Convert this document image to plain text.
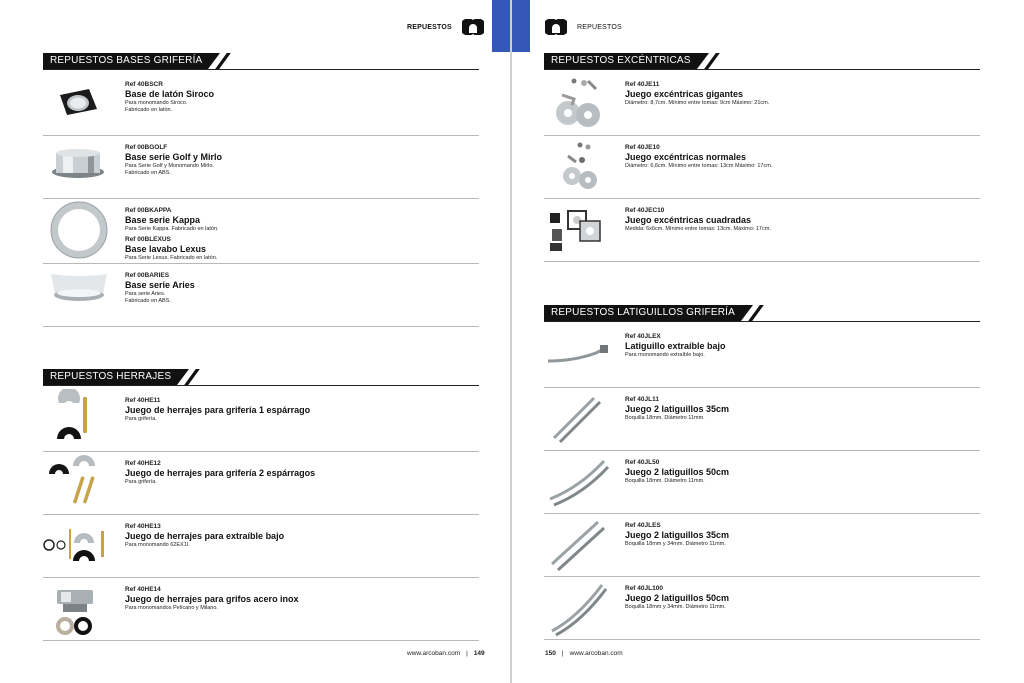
REPUESTOS
REPUESTOS BASES GRIFERÍA
Ref 40BSCR
Base de latón Siroco
Para monomando Siroco.
Fabricado en latón.
Ref 00BGOLF
Base serie Golf y Mirlo
Para Serie Golf y Monomando Mirlo.
Fabricado en ABS.
Ref 00BKAPPA
Base serie Kappa
Para Serie Kappa. Fabricado en latón.
Ref 00BLEXUS
Base lavabo Lexus
Para Serie Lexus. Fabricado en latón.
Ref 00BARIES
Base serie Aries
Para serie Aries.
Fabricado en ABS.
REPUESTOS HERRAJES
Ref 40HE11
Juego de herrajes para grifería 1 espárrago
Para grifería.
Ref 40HE12
Juego de herrajes para grifería 2 espárragos
Para grifería.
Ref 40HE13
Juego de herrajes para extraíble bajo
Para monomando 62EX1I.
Ref 40HE14
Juego de herrajes para grifos acero inox
Para monomandos Pelícano y Milano.
www.arcoban.com | 149
REPUESTOS
REPUESTOS EXCÉNTRICAS
Ref 40JE11
Juego excéntricas gigantes
Diámetro: 8,7cm. Mínimo entre tomas: 9cm Máximo: 21cm.
Ref 40JE10
Juego excéntricas normales
Diámetro: 6,6cm. Mínimo entre tomas: 13cm Máximo: 17cm.
Ref 40JEC10
Juego excéntricas cuadradas
Medida: 6x6cm. Mínimo entre tomas: 13cm. Máximo: 17cm.
REPUESTOS LATIGUILLOS GRIFERÍA
Ref 40JLEX
Latiguillo extraíble bajo
Para monomando extraíble bajo.
Ref 40JL11
Juego 2 latiguillos 35cm
Boquilla 18mm. Diámetro 11mm.
Ref 40JL50
Juego 2 latiguillos 50cm
Boquilla 18mm. Diámetro 11mm.
Ref 40JLES
Juego 2 latiguillos 35cm
Boquilla 18mm y 34mm. Diámetro 11mm.
Ref 40JL100
Juego 2 latiguillos 50cm
Boquilla 18mm y 34mm. Diámetro 11mm.
150 | www.arcoban.com
